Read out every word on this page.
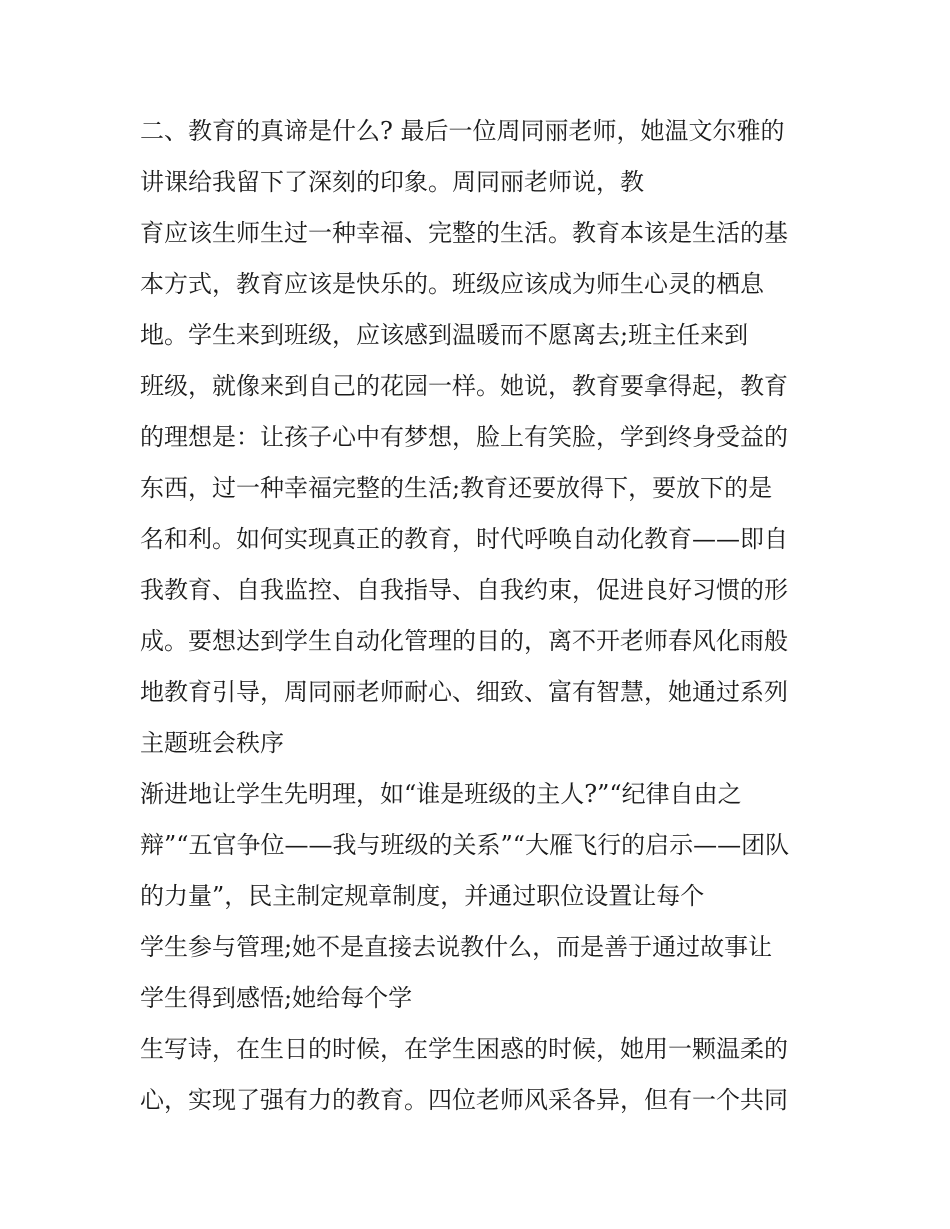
二、教育的真谛是什么? 最后一位周同丽老师，她温文尔雅的
讲课给我留下了深刻的印象。周同丽老师说，教
育应该生师生过一种幸福、完整的生活。教育本该是生活的基
本方式，教育应该是快乐的。班级应该成为师生心灵的栖息
地。学生来到班级，应该感到温暖而不愿离去;班主任来到
班级，就像来到自己的花园一样。她说，教育要拿得起，教育
的理想是：让孩子心中有梦想，脸上有笑脸，学到终身受益的
东西，过一种幸福完整的生活;教育还要放得下，要放下的是
名和利。如何实现真正的教育，时代呼唤自动化教育——即自
我教育、自我监控、自我指导、自我约束，促进良好习惯的形
成。要想达到学生自动化管理的目的，离不开老师春风化雨般
地教育引导，周同丽老师耐心、细致、富有智慧，她通过系列
主题班会秩序
渐进地让学生先明理，如“谁是班级的主人?”“纪律自由之
辩”“五官争位——我与班级的关系”“大雁飞行的启示——团队
的力量”，民主制定规章制度，并通过职位设置让每个
学生参与管理;她不是直接去说教什么，而是善于通过故事让
学生得到感悟;她给每个学
生写诗，在生日的时候，在学生困惑的时候，她用一颗温柔的
心，实现了强有力的教育。四位老师风采各异，但有一个共同
